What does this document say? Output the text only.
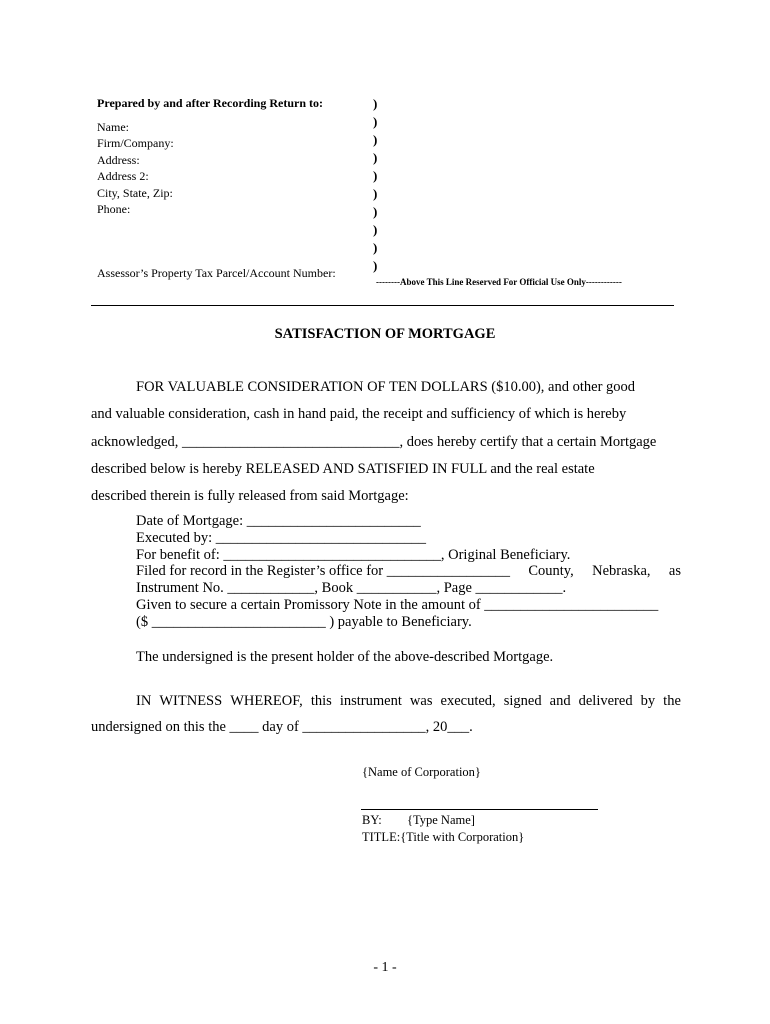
Prepared by and after Recording Return to:
Name:
Firm/Company:
Address:
Address 2:
City, State, Zip:
Phone:
Assessor’s Property Tax Parcel/Account Number:
)
)
)
)
)
)
)
)
)
)
--------Above This Line Reserved For Official Use Only------------
SATISFACTION OF MORTGAGE
FOR VALUABLE CONSIDERATION OF TEN DOLLARS ($10.00), and other good
and valuable consideration, cash in hand paid, the receipt and sufficiency of which is hereby
acknowledged, ______________________________, does hereby certify that a certain Mortgage
described below is hereby RELEASED AND SATISFIED IN FULL and the real estate
described therein is fully released from said Mortgage:
Date of Mortgage: ________________________
Executed by: _____________________________
For benefit of: ______________________________, Original Beneficiary.
Filed for record in the Register’s office for _________________ County, Nebraska, as
Instrument No. ____________, Book ___________, Page ____________.
Given to secure a certain Promissory Note in the amount of ________________________
($ ________________________ ) payable to Beneficiary.
The undersigned is the present holder of the above-described Mortgage.
IN WITNESS WHEREOF, this instrument was executed, signed and delivered by the
undersigned on this the ____ day of _________________, 20___.
{Name of Corporation}
BY: {Type Name]
TITLE:{Title with Corporation}
- 1 -
